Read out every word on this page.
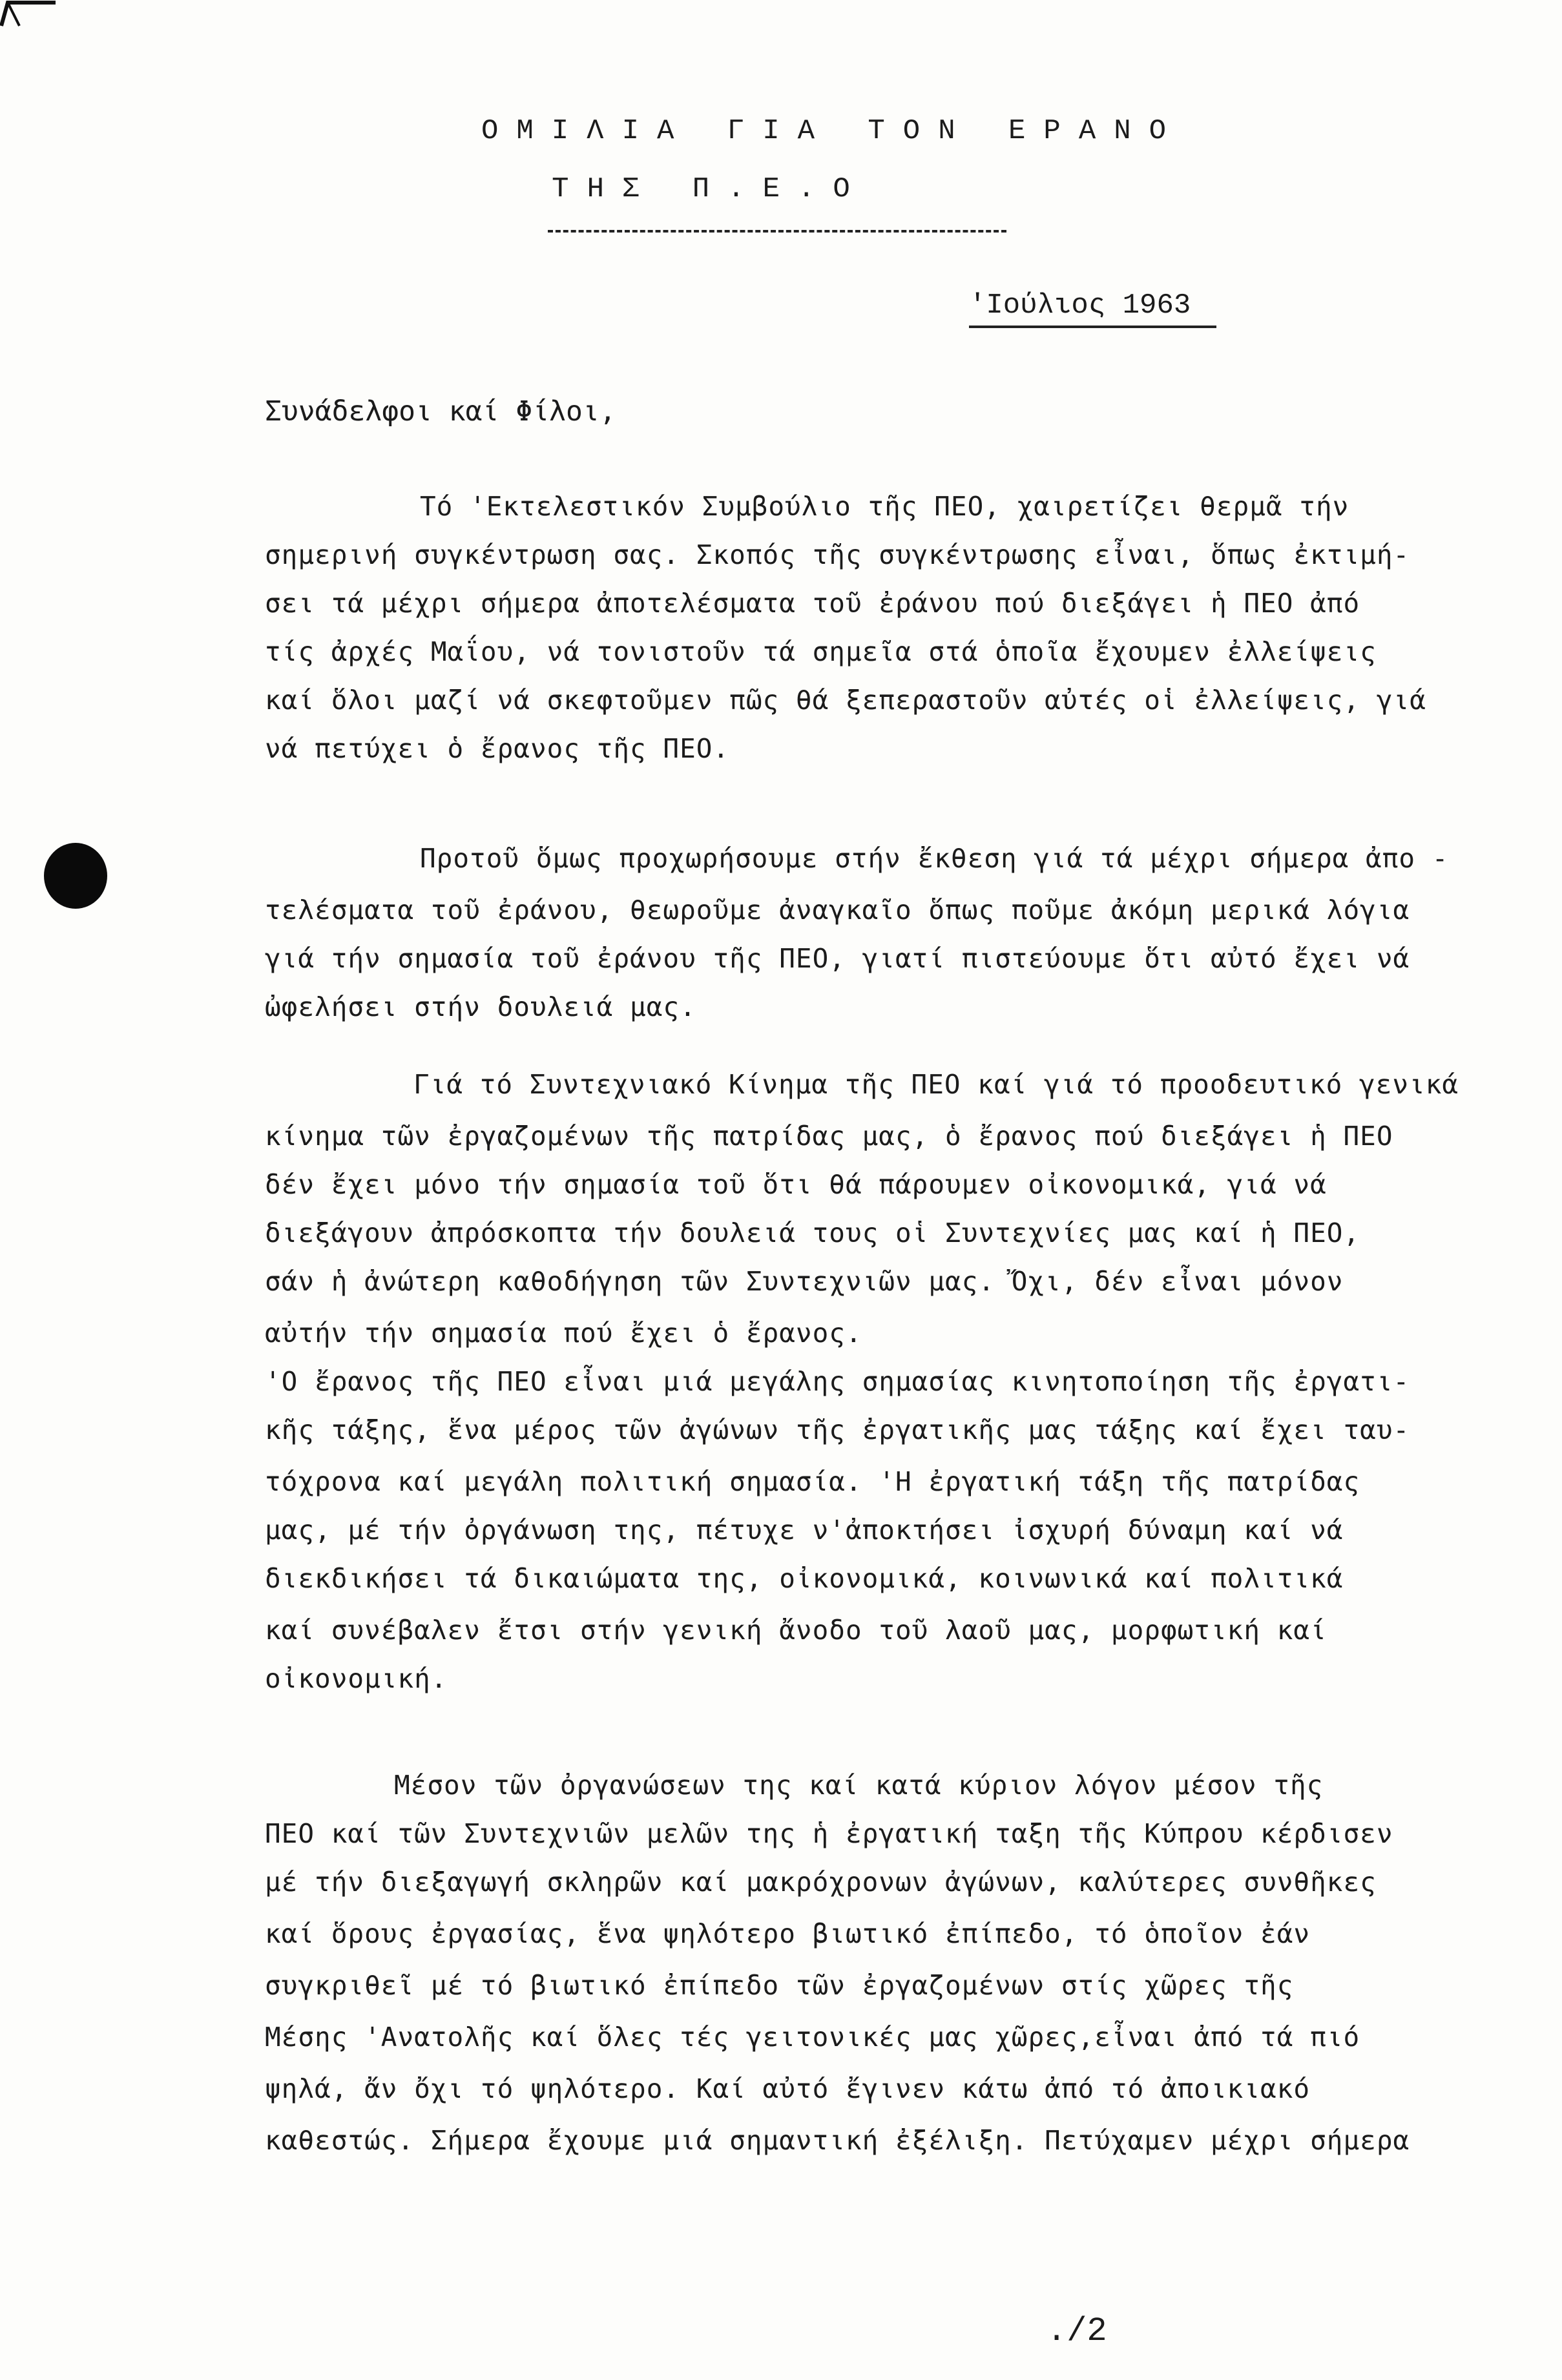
ΟΜΙΛΙΑ ΓΙΑ ΤΟΝ ΕΡΑΝΟ
ΤΗΣ Π.Ε.Ο
'Ιούλιος 1963
Συνάδελφοι καί Φίλοι,
Τό 'Εκτελεστικόν Συμβούλιο τῆς ΠΕΟ, χαιρετίζει θερμᾶ τήν
σημερινή συγκέντρωση σας. Σκοπός τῆς συγκέντρωσης εἶναι, ὅπως ἐκτιμή-
σει τά μέχρι σήμερα ἀποτελέσματα τοῦ ἐράνου πού διεξάγει ἡ ΠΕΟ ἀπό
τίς ἀρχές Μαΐου, νά τονιστοῦν τά σημεῖα στά ὁποῖα ἔχουμεν ἐλλείψεις
καί ὅλοι μαζί νά σκεφτοῦμεν πῶς θά ξεπεραστοῦν αὐτές οἱ ἐλλείψεις, γιά
νά πετύχει ὁ ἔρανος τῆς ΠΕΟ.
Προτοῦ ὅμως προχωρήσουμε στήν ἔκθεση γιά τά μέχρι σήμερα ἀπο -
τελέσματα τοῦ ἐράνου, θεωροῦμε ἀναγκαῖο ὅπως ποῦμε ἀκόμη μερικά λόγια
γιά τήν σημασία τοῦ ἐράνου τῆς ΠΕΟ, γιατί πιστεύουμε ὅτι αὐτό ἔχει νά
ὠφελήσει στήν δουλειά μας.
Γιά τό Συντεχνιακό Κίνημα τῆς ΠΕΟ καί γιά τό προοδευτικό γενικά
κίνημα τῶν ἐργαζομένων τῆς πατρίδας μας, ὁ ἔρανος πού διεξάγει ἡ ΠΕΟ
δέν ἔχει μόνο τήν σημασία τοῦ ὅτι θά πάρουμεν οἰκονομικά, γιά νά
διεξάγουν ἀπρόσκοπτα τήν δουλειά τους οἱ Συντεχνίες μας καί ἡ ΠΕΟ,
σάν ἡ ἀνώτερη καθοδήγηση τῶν Συντεχνιῶν μας. Ὄχι, δέν εἶναι μόνον
αὐτήν τήν σημασία πού ἔχει ὁ ἔρανος.
'Ο ἔρανος τῆς ΠΕΟ εἶναι μιά μεγάλης σημασίας κινητοποίηση τῆς ἐργατι-
κῆς τάξης, ἕνα μέρος τῶν ἀγώνων τῆς ἐργατικῆς μας τάξης καί ἔχει ταυ-
τόχρονα καί μεγάλη πολιτική σημασία. 'Η ἐργατική τάξη τῆς πατρίδας
μας, μέ τήν ὀργάνωση της, πέτυχε ν'ἀποκτήσει ἰσχυρή δύναμη καί νά
διεκδικήσει τά δικαιώματα της, οἰκονομικά, κοινωνικά καί πολιτικά
καί συνέβαλεν ἔτσι στήν γενική ἄνοδο τοῦ λαοῦ μας, μορφωτική καί
οἰκονομική.
Μέσον τῶν ὀργανώσεων της καί κατά κύριον λόγον μέσον τῆς
ΠΕΟ καί τῶν Συντεχνιῶν μελῶν της ἡ ἐργατική ταξη τῆς Κύπρου κέρδισεν
μέ τήν διεξαγωγή σκληρῶν καί μακρόχρονων ἀγώνων, καλύτερες συνθῆκες
καί ὅρους ἐργασίας, ἕνα ψηλότερο βιωτικό ἐπίπεδο, τό ὁποῖον ἐάν
συγκριθεῖ μέ τό βιωτικό ἐπίπεδο τῶν ἐργαζομένων στίς χῶρες τῆς
Μέσης 'Ανατολῆς καί ὅλες τές γειτονικές μας χῶρες,εἶναι ἀπό τά πιό
ψηλά, ἄν ὄχι τό ψηλότερο. Καί αὐτό ἔγινεν κάτω ἀπό τό ἀποικιακό
καθεστώς. Σήμερα ἔχουμε μιά σημαντική ἐξέλιξη. Πετύχαμεν μέχρι σήμερα
./2
